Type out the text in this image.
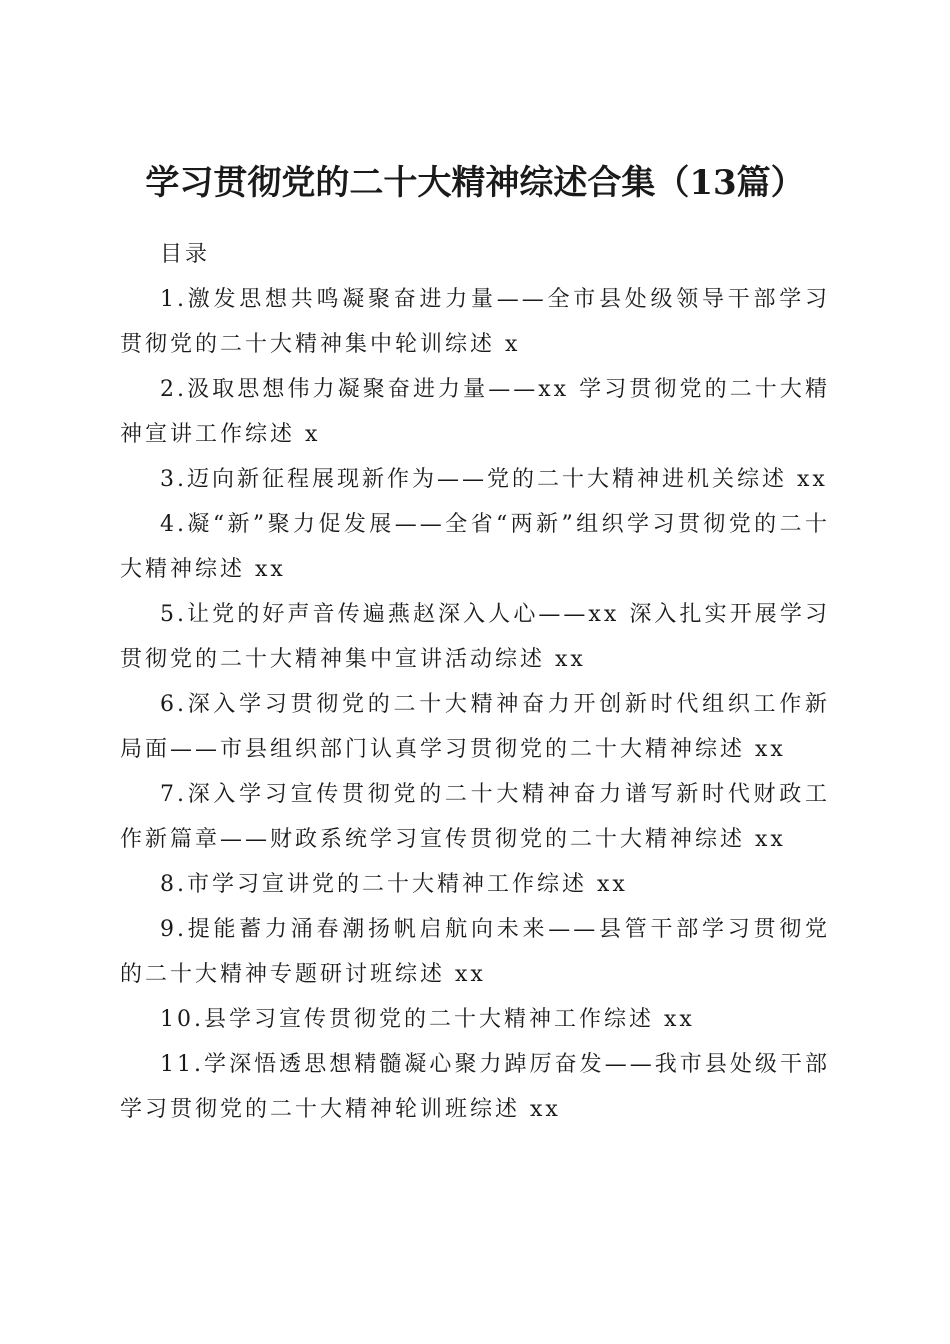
学习贯彻党的二十大精神综述合集（13篇）

目录

1.激发思想共鸣凝聚奋进力量——全市县处级领导干部学习贯彻党的二十大精神集中轮训综述 x

2.汲取思想伟力凝聚奋进力量——xx 学习贯彻党的二十大精神宣讲工作综述 x

3.迈向新征程展现新作为——党的二十大精神进机关综述 xx

4.凝“新”聚力促发展——全省“两新”组织学习贯彻党的二十大精神综述 xx

5.让党的好声音传遍燕赵深入人心——xx 深入扎实开展学习贯彻党的二十大精神集中宣讲活动综述 xx

6.深入学习贯彻党的二十大精神奋力开创新时代组织工作新局面——市县组织部门认真学习贯彻党的二十大精神综述 xx

7.深入学习宣传贯彻党的二十大精神奋力谱写新时代财政工作新篇章——财政系统学习宣传贯彻党的二十大精神综述 xx

8.市学习宣讲党的二十大精神工作综述 xx

9.提能蓄力涌春潮扬帆启航向未来——县管干部学习贯彻党的二十大精神专题研讨班综述 xx

10.县学习宣传贯彻党的二十大精神工作综述 xx

11.学深悟透思想精髓凝心聚力踔厉奋发——我市县处级干部学习贯彻党的二十大精神轮训班综述 xx
